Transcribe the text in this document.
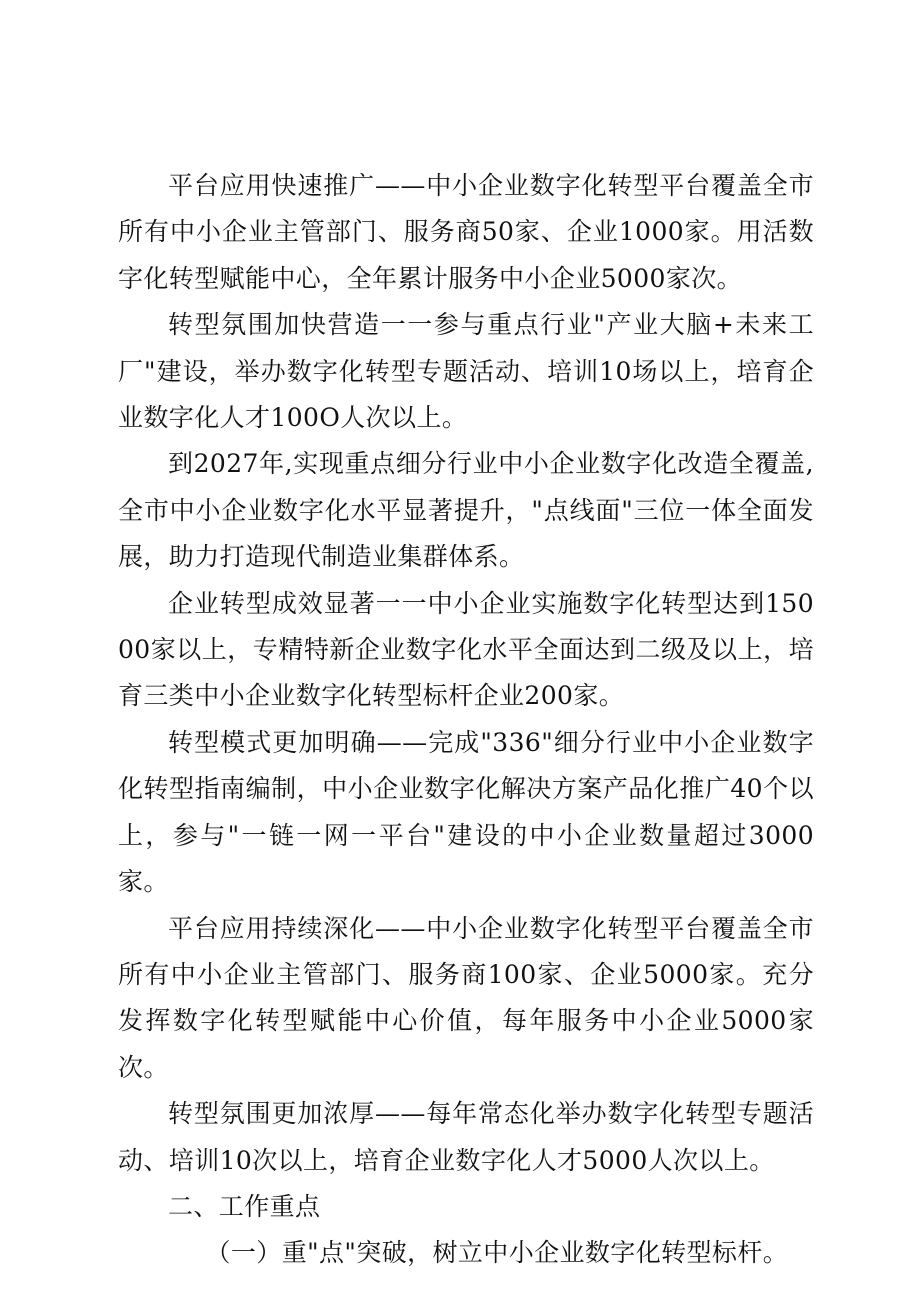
平台应用快速推广——中小企业数字化转型平台覆盖全市所有中小企业主管部门、服务商50家、企业1000家。用活数字化转型赋能中心，全年累计服务中小企业5000家次。

转型氛围加快营造一一参与重点行业"产业大脑+未来工厂"建设，举办数字化转型专题活动、培训10场以上，培育企业数字化人才100O人次以上。

到2027年,实现重点细分行业中小企业数字化改造全覆盖,全市中小企业数字化水平显著提升，"点线面"三位一体全面发展，助力打造现代制造业集群体系。

企业转型成效显著一一中小企业实施数字化转型达到15000家以上，专精特新企业数字化水平全面达到二级及以上，培育三类中小企业数字化转型标杆企业200家。

转型模式更加明确——完成"336"细分行业中小企业数字化转型指南编制，中小企业数字化解决方案产品化推广40个以上，参与"一链一网一平台"建设的中小企业数量超过3000家。

平台应用持续深化——中小企业数字化转型平台覆盖全市所有中小企业主管部门、服务商100家、企业5000家。充分发挥数字化转型赋能中心价值，每年服务中小企业5000家次。

转型氛围更加浓厚——每年常态化举办数字化转型专题活动、培训10次以上，培育企业数字化人才5000人次以上。

二、工作重点

（一）重"点"突破，树立中小企业数字化转型标杆。
